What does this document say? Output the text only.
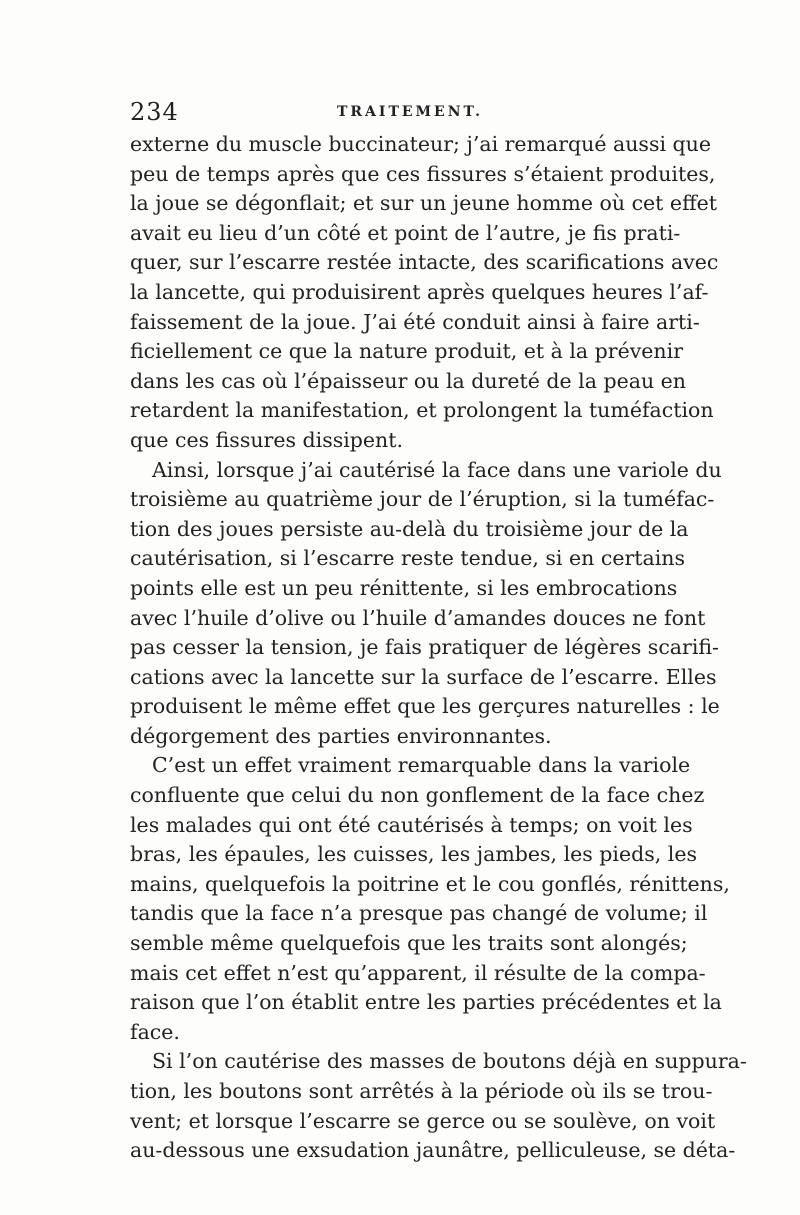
234	TRAITEMENT.
externe du muscle buccinateur; j’ai remarqué aussi que
peu de temps après que ces fissures s’étaient produites,
la joue se dégonflait; et sur un jeune homme où cet effet
avait eu lieu d’un côté et point de l’autre, je fis prati-
quer, sur l’escarre restée intacte, des scarifications avec
la lancette, qui produisirent après quelques heures l’af-
faissement de la joue. J’ai été conduit ainsi à faire arti-
ficiellement ce que la nature produit, et à la prévenir
dans les cas où l’épaisseur ou la dureté de la peau en
retardent la manifestation, et prolongent la tuméfaction
que ces fissures dissipent.
Ainsi, lorsque j’ai cautérisé la face dans une variole du
troisième au quatrième jour de l’éruption, si la tuméfac-
tion des joues persiste au-delà du troisième jour de la
cautérisation, si l’escarre reste tendue, si en certains
points elle est un peu rénittente, si les embrocations
avec l’huile d’olive ou l’huile d’amandes douces ne font
pas cesser la tension, je fais pratiquer de légères scarifi-
cations avec la lancette sur la surface de l’escarre. Elles
produisent le même effet que les gerçures naturelles : le
dégorgement des parties environnantes.
C’est un effet vraiment remarquable dans la variole
confluente que celui du non gonflement de la face chez
les malades qui ont été cautérisés à temps; on voit les
bras, les épaules, les cuisses, les jambes, les pieds, les
mains, quelquefois la poitrine et le cou gonflés, rénittens,
tandis que la face n’a presque pas changé de volume; il
semble même quelquefois que les traits sont alongés;
mais cet effet n’est qu’apparent, il résulte de la compa-
raison que l’on établit entre les parties précédentes et la
face.
Si l’on cautérise des masses de boutons déjà en suppura-
tion, les boutons sont arrêtés à la période où ils se trou-
vent; et lorsque l’escarre se gerce ou se soulève, on voit
au-dessous une exsudation jaunâtre, pelliculeuse, se déta-
